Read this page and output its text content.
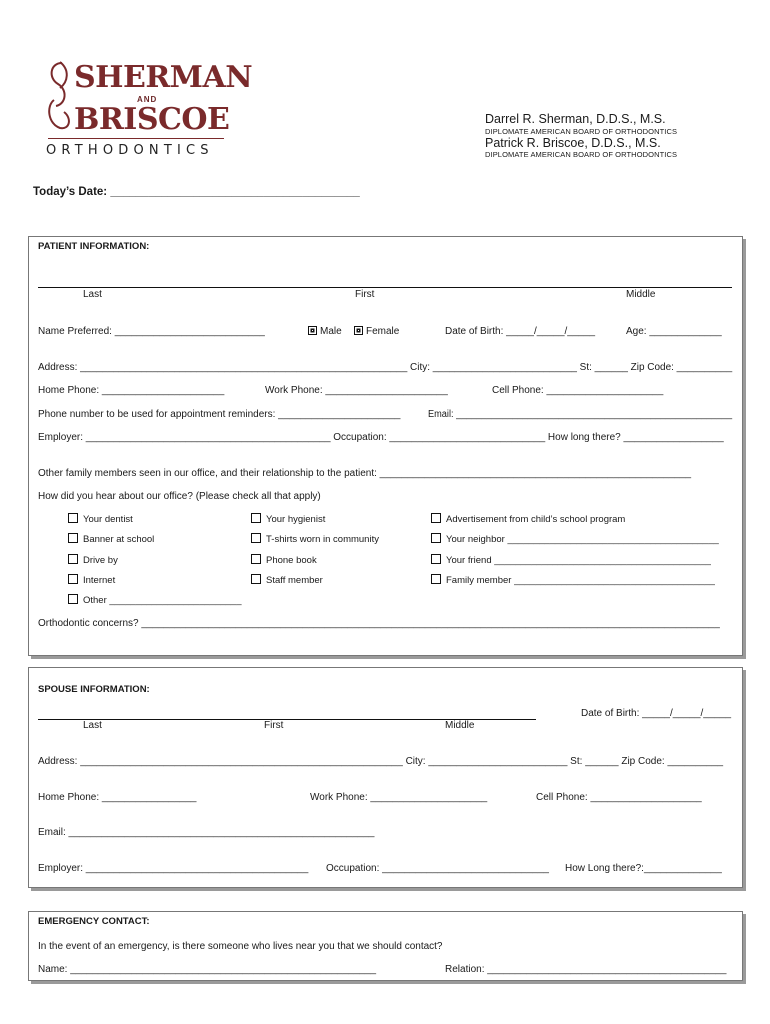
SHERMAN
AND
BRISCOE
ORTHODONTICS
Darrel R. Sherman, D.D.S., M.S.
DIPLOMATE AMERICAN BOARD OF ORTHODONTICS
Patrick R. Briscoe, D.D.S., M.S.
DIPLOMATE AMERICAN BOARD OF ORTHODONTICS
Today’s Date: _______________________________________
PATIENT INFORMATION:
Last	First	Middle
Name Preferred: ___________________________	Male	Female	Date of Birth: _____/_____/_____	Age: _____________
Address: ___________________________________________________________ City: __________________________ St: ______ Zip Code: __________
Home Phone: ______________________	Work Phone: ______________________	Cell Phone: _____________________
Phone number to be used for appointment reminders: ______________________	Email: ______________________________________________________
Employer: ____________________________________________ Occupation: ____________________________ How long there? __________________
Other family members seen in our office, and their relationship to the patient: ________________________________________________________
How did you hear about our office? (Please check all that apply)
Your dentist	Your hygienist	Advertisement from child’s school program
Banner at school	T-shirts worn in community	Your neighbor ________________________________________
Drive by	Phone book	Your friend _________________________________________
Internet	Staff member	Family member ______________________________________
Other _________________________
Orthodontic concerns? ________________________________________________________________________________________________________
SPOUSE INFORMATION:
Date of Birth: _____/_____/_____
Last	First	Middle
Address: __________________________________________________________ City: _________________________ St: ______ Zip Code: __________
Home Phone: _________________	Work Phone: _____________________	Cell Phone: ____________________
Email: _______________________________________________________
Employer: ________________________________________ Occupation: ______________________________ How Long there?:______________
EMERGENCY CONTACT:
In the event of an emergency, is there someone who lives near you that we should contact?
Name: _______________________________________________________	Relation: ___________________________________________
